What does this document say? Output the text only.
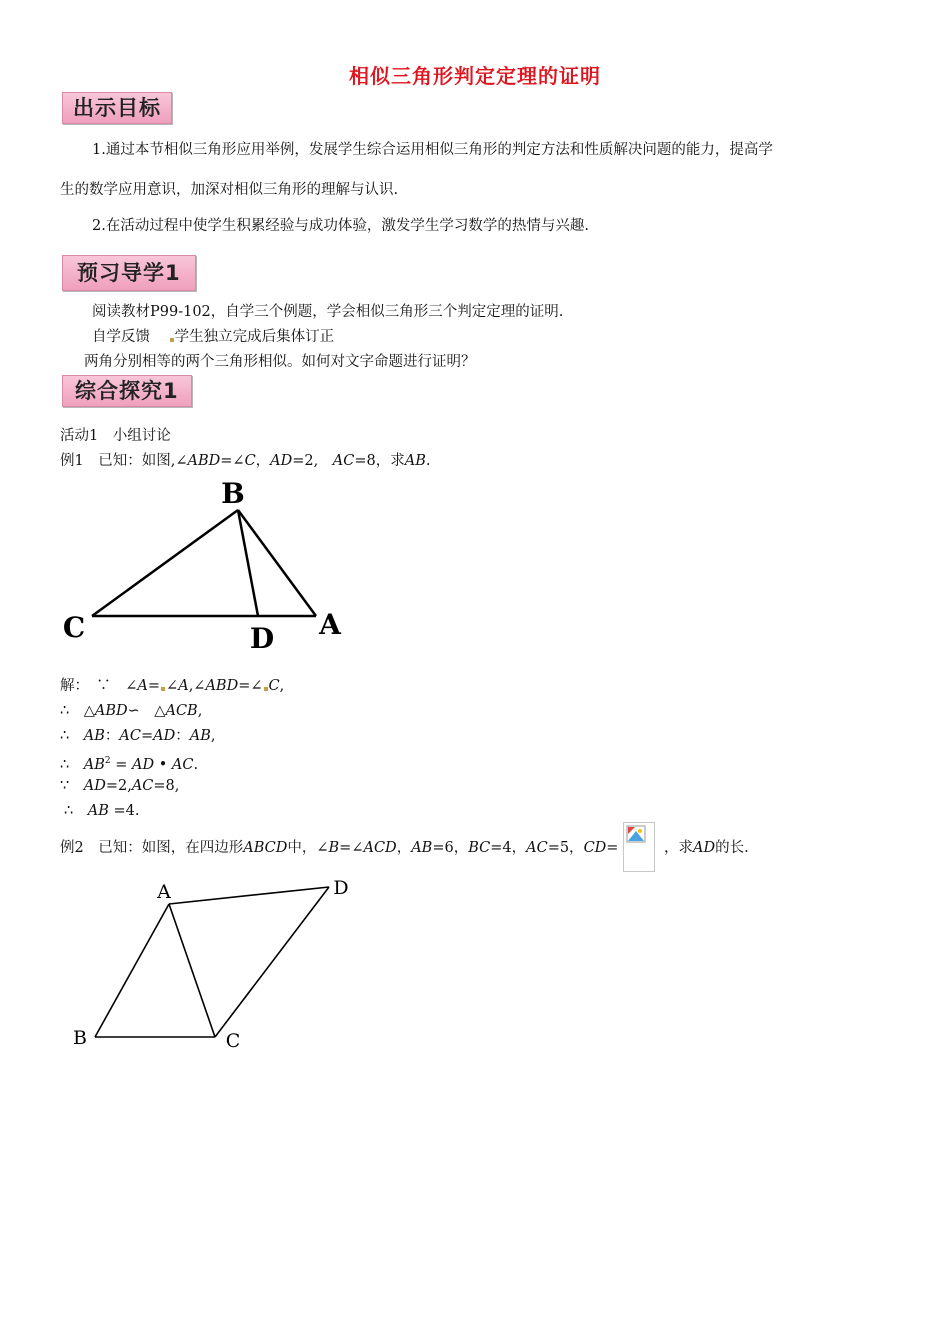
相似三角形判定定理的证明
出示目标
1.通过本节相似三角形应用举例，发展学生综合运用相似三角形的判定方法和性质解决问题的能力，提高学
生的数学应用意识，加深对相似三角形的理解与认识.
2.在活动过程中使学生积累经验与成功体验，激发学生学习数学的热情与兴趣.
预习导学1
阅读教材P99-102，自学三个例题，学会相似三角形三个判定定理的证明.
自学反馈 学生独立完成后集体订正
两角分别相等的两个三角形相似。如何对文字命题进行证明？
综合探究1
活动1　小组讨论
例1　已知：如图,∠ABD=∠C，AD=2,　AC=8，求AB.
B
C	D A
A	D
B	C
解：　∵　∠A= ∠A,∠ABD=∠ C,
∴　△ABD∽　△ACB,
∴　AB：AC=AD：AB,
∴　$AB^2$ = AD • AC.
∵　AD=2,AC=8,
∴　AB =4.
例2　已知：如图，在四边形ABCD中，∠B=∠ACD，AB=6，BC=4，AC=5，CD=	，求AD的长.
